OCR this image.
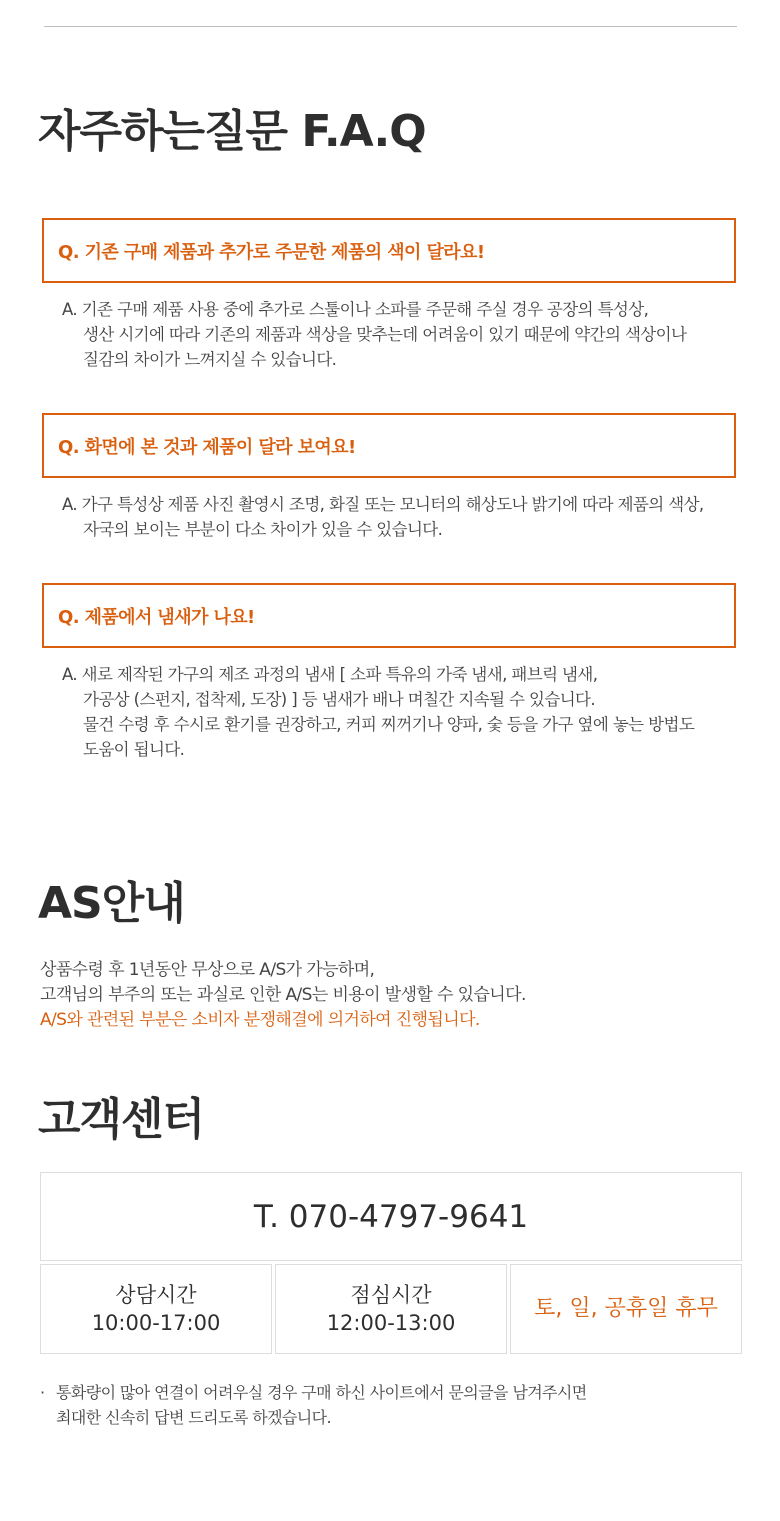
자주하는질문 F.A.Q
Q. 기존 구매 제품과 추가로 주문한 제품의 색이 달라요!
A. 기존 구매 제품 사용 중에 추가로 스툴이나 소파를 주문해 주실 경우 공장의 특성상,
생산 시기에 따라 기존의 제품과 색상을 맞추는데 어려움이 있기 때문에 약간의 색상이나
질감의 차이가 느껴지실 수 있습니다.
Q. 화면에 본 것과 제품이 달라 보여요!
A. 가구 특성상 제품 사진 촬영시 조명, 화질 또는 모니터의 해상도나 밝기에 따라 제품의 색상,
자국의 보이는 부분이 다소 차이가 있을 수 있습니다.
Q. 제품에서 냄새가 나요!
A. 새로 제작된 가구의 제조 과정의 냄새 [ 소파 특유의 가죽 냄새, 패브릭 냄새,
가공상 (스펀지, 접착제, 도장) ] 등 냄새가 배나 며칠간 지속될 수 있습니다.
물건 수령 후 수시로 환기를 권장하고, 커피 찌꺼기나 양파, 숯 등을 가구 옆에 놓는 방법도
도움이 됩니다.
AS안내
상품수령 후 1년동안 무상으로 A/S가 가능하며,
고객님의 부주의 또는 과실로 인한 A/S는 비용이 발생할 수 있습니다.
A/S와 관련된 부분은 소비자 분쟁해결에 의거하여 진행됩니다.
고객센터
T. 070-4797-9641
상담시간
10:00-17:00
점심시간
12:00-13:00
토, 일, 공휴일 휴무
· 통화량이 많아 연결이 어려우실 경우 구매 하신 사이트에서 문의글을 남겨주시면
최대한 신속히 답변 드리도록 하겠습니다.
